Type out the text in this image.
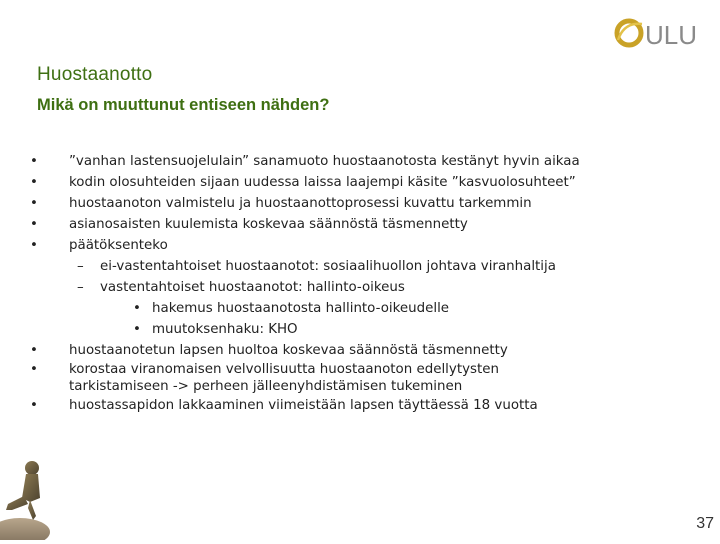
ULU
Huostaanotto
Mikä on muuttunut entiseen nähden?
• ”vanhan lastensuojelulain” sanamuoto huostaanotosta kestänyt hyvin aikaa
• kodin olosuhteiden sijaan uudessa laissa laajempi käsite ”kasvuolosuhteet”
• huostaanoton valmistelu ja huostaanottoprosessi kuvattu tarkemmin
• asianosaisten kuulemista koskevaa säännöstä täsmennetty
• päätöksenteko
– ei-vastentahtoiset huostaanotot: sosiaalihuollon johtava viranhaltija
– vastentahtoiset huostaanotot: hallinto-oikeus
• hakemus huostaanotosta hallinto-oikeudelle
• muutoksenhaku: KHO
• huostaanotetun lapsen huoltoa koskevaa säännöstä täsmennetty
• korostaa viranomaisen velvollisuutta huostaanoton edellytysten
tarkistamiseen -> perheen jälleenyhdistämisen tukeminen
• huostassapidon lakkaaminen viimeistään lapsen täyttäessä 18 vuotta
37
